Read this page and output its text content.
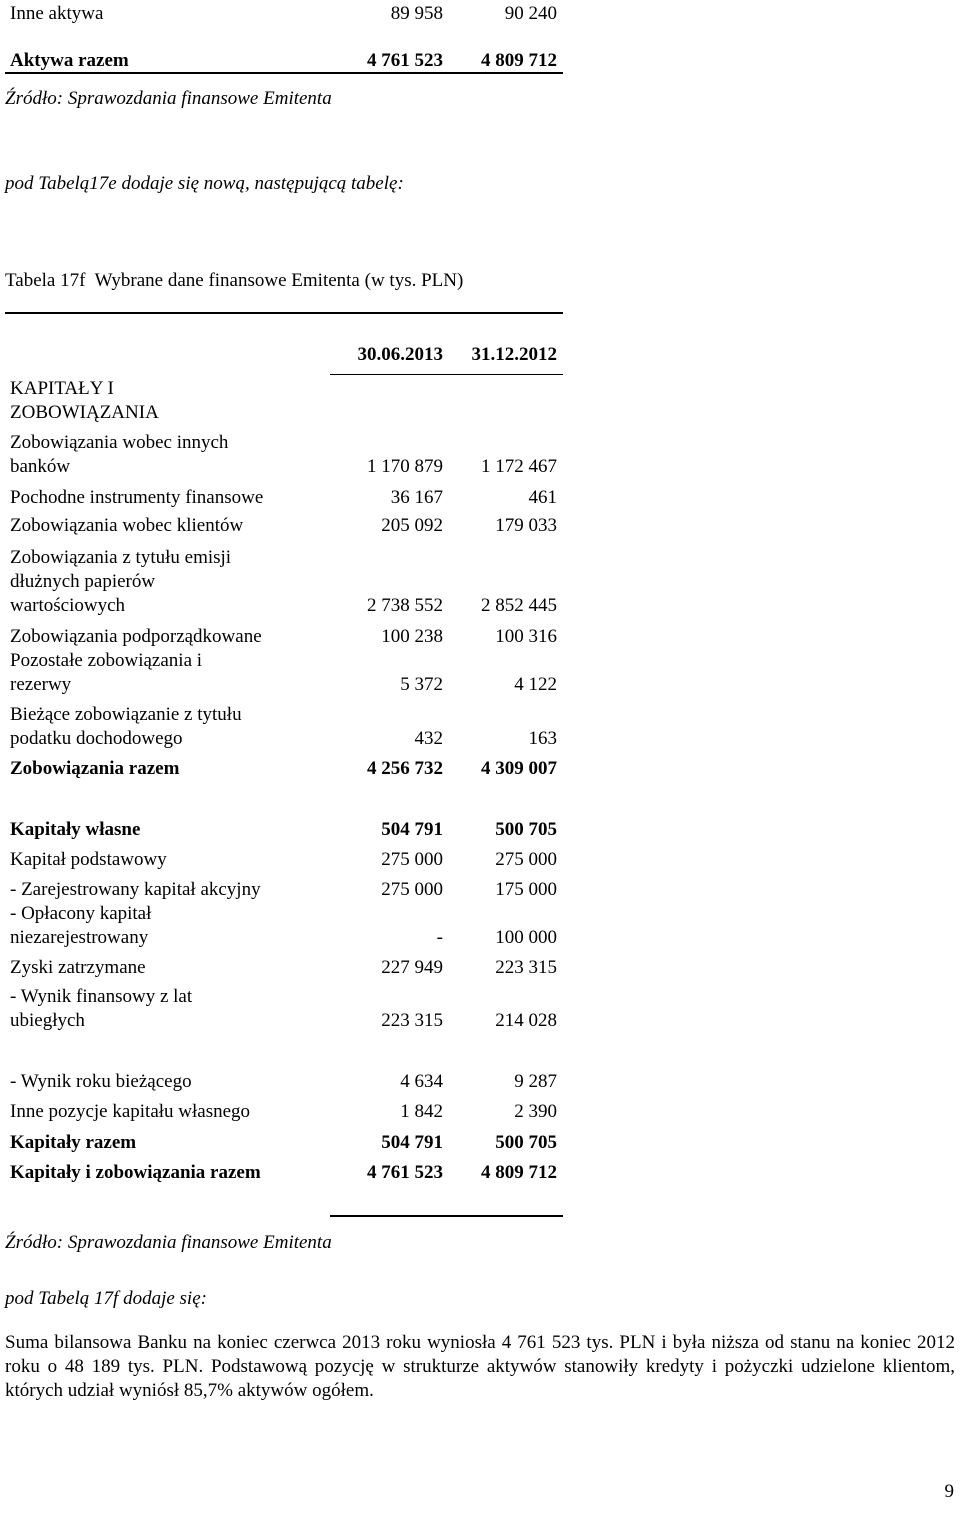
Inne aktywa	89 958	90 240
Aktywa razem	4 761 523	4 809 712
Źródło: Sprawozdania finansowe Emitenta
pod Tabelą17e dodaje się nową, następującą tabelę:
Tabela 17f  Wybrane dane finansowe Emitenta (w tys. PLN)
30.06.2013	31.12.2012
KAPITAŁY I
ZOBOWIĄZANIA
Zobowiązania wobec innych
banków	1 170 879	1 172 467
Pochodne instrumenty finansowe	36 167	461
Zobowiązania wobec klientów	205 092	179 033
Zobowiązania z tytułu emisji
dłużnych papierów
wartościowych	2 738 552	2 852 445
Zobowiązania podporządkowane	100 238	100 316
Pozostałe zobowiązania i
rezerwy	5 372	4 122
Bieżące zobowiązanie z tytułu
podatku dochodowego	432	163
Zobowiązania razem	4 256 732	4 309 007
Kapitały własne	504 791	500 705
Kapitał podstawowy	275 000	275 000
- Zarejestrowany kapitał akcyjny	275 000	175 000
- Opłacony kapitał
niezarejestrowany	-	100 000
Zyski zatrzymane	227 949	223 315
- Wynik finansowy z lat
ubiegłych	223 315	214 028
- Wynik roku bieżącego	4 634	9 287
Inne pozycje kapitału własnego	1 842	2 390
Kapitały razem	504 791	500 705
Kapitały i zobowiązania razem	4 761 523	4 809 712
Źródło: Sprawozdania finansowe Emitenta
pod Tabelą 17f dodaje się:
Suma bilansowa Banku na koniec czerwca 2013 roku wyniosła 4 761 523 tys. PLN i była niższa od stanu na koniec 2012 roku o 48 189 tys. PLN. Podstawową pozycję w strukturze aktywów stanowiły kredyty i pożyczki udzielone klientom, których udział wyniósł 85,7% aktywów ogółem.
9
